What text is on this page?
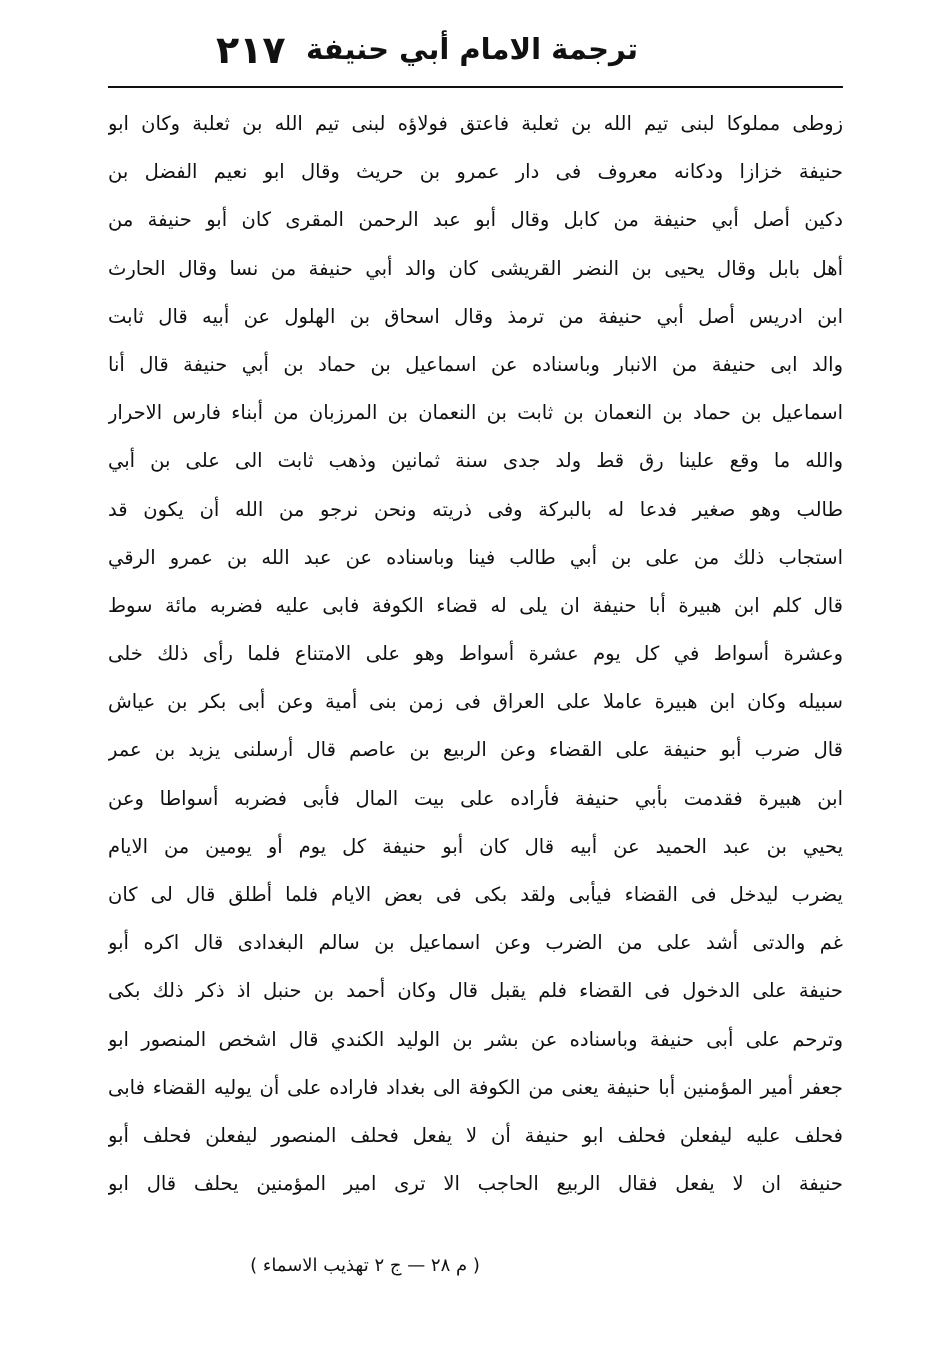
ترجمة الامام أبي حنيفة
٢١٧
زوطى مملوكا لبنى تيم الله بن ثعلبة فاعتق فولاؤه لبنى تيم الله بن ثعلبة وكان ابو
حنيفة خزازا ودكانه معروف فى دار عمرو بن حريث وقال ابو نعيم الفضل بن
دكين أصل أبي حنيفة من كابل وقال أبو عبد الرحمن المقرى كان أبو حنيفة من
أهل بابل وقال يحيى بن النضر القريشى كان والد أبي حنيفة من نسا وقال الحارث
ابن ادريس أصل أبي حنيفة من ترمذ وقال اسحاق بن الهلول عن أبيه قال ثابت
والد ابى حنيفة من الانبار وباسناده عن اسماعيل بن حماد بن أبي حنيفة قال أنا
اسماعيل بن حماد بن النعمان بن ثابت بن النعمان بن المرزبان من أبناء فارس الاحرار
والله ما وقع علينا رق قط ولد جدى سنة ثمانين وذهب ثابت الى على بن أبي
طالب وهو صغير فدعا له بالبركة وفى ذريته ونحن نرجو من الله أن يكون قد
استجاب ذلك من على بن أبي طالب فينا وباسناده عن عبد الله بن عمرو الرقي
قال كلم ابن هبيرة أبا حنيفة ان يلى له قضاء الكوفة فابى عليه فضربه مائة سوط
وعشرة أسواط في كل يوم عشرة أسواط وهو على الامتناع فلما رأى ذلك خلى
سبيله وكان ابن هبيرة عاملا على العراق فى زمن بنى أمية وعن أبى بكر بن عياش
قال ضرب أبو حنيفة على القضاء وعن الربيع بن عاصم قال أرسلنى يزيد بن عمر
ابن هبيرة فقدمت بأبي حنيفة فأراده على بيت المال فأبى فضربه أسواطا وعن
يحيي بن عبد الحميد عن أبيه قال كان أبو حنيفة كل يوم أو يومين من الايام
يضرب ليدخل فى القضاء فيأبى ولقد بكى فى بعض الايام فلما أطلق قال لى كان
غم والدتى أشد على من الضرب وعن اسماعيل بن سالم البغدادى قال اكره أبو
حنيفة على الدخول فى القضاء فلم يقبل قال وكان أحمد بن حنبل اذ ذكر ذلك بكى
وترحم على أبى حنيفة وباسناده عن بشر بن الوليد الكندي قال اشخص المنصور ابو
جعفر أمير المؤمنين أبا حنيفة يعنى من الكوفة الى بغداد فاراده على أن يوليه القضاء فابى
فحلف عليه ليفعلن فحلف ابو حنيفة أن لا يفعل فحلف المنصور ليفعلن فحلف أبو
حنيفة ان لا يفعل فقال الربيع الحاجب الا ترى امير المؤمنين يحلف قال ابو
( م ٢٨ — ج ٢ تهذيب الاسماء )
